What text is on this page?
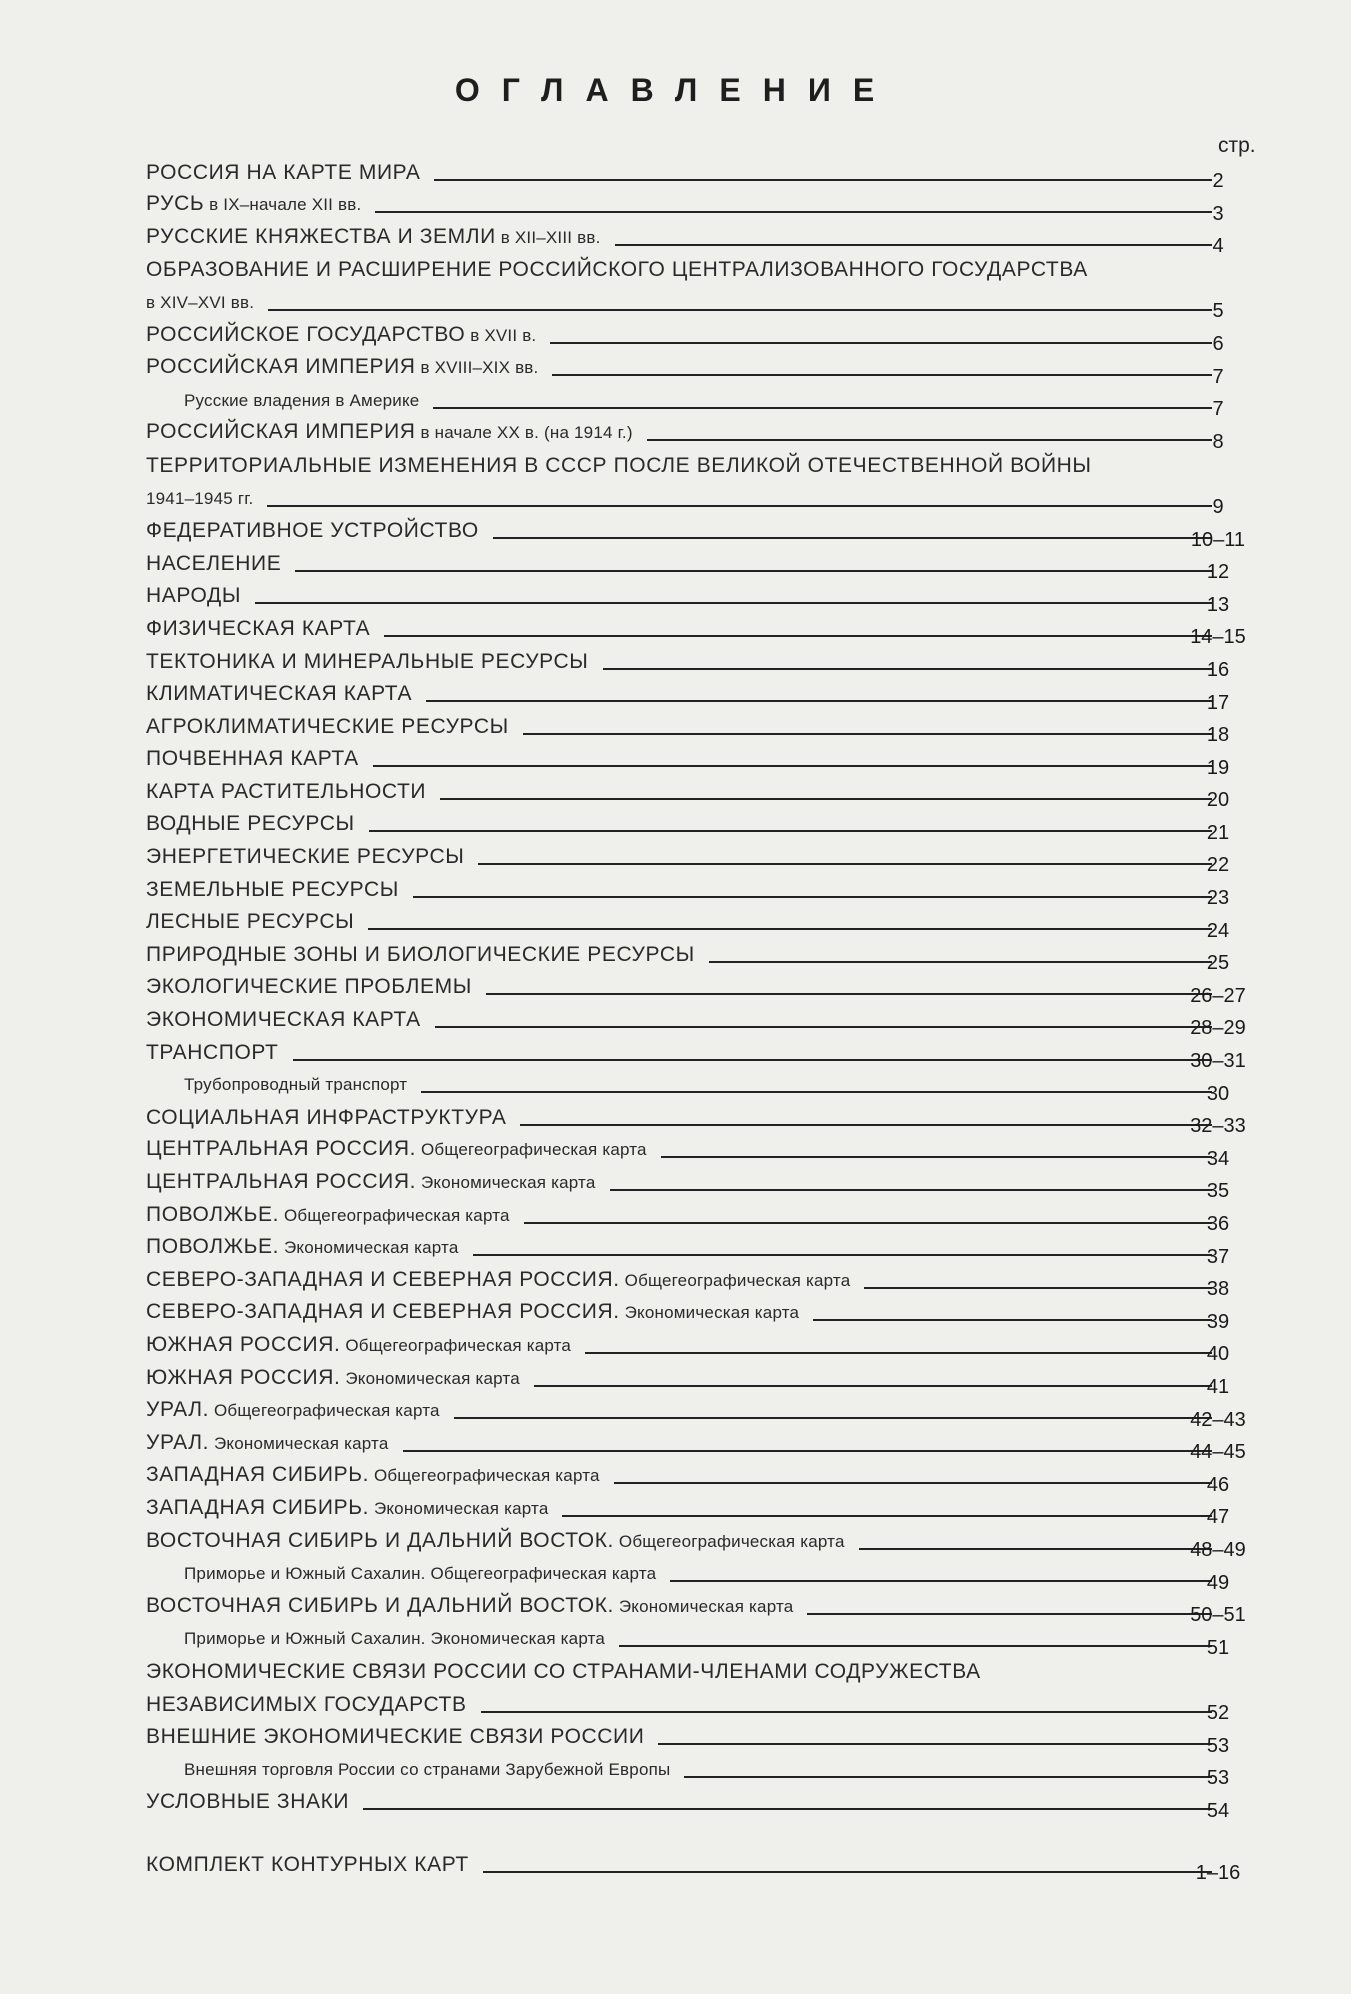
ОГЛАВЛЕНИЕ
стр.
РОССИЯ НА КАРТЕ МИРА	2
РУСЬ в IX–начале XII вв.	3
РУССКИЕ КНЯЖЕСТВА И ЗЕМЛИ в XII–XIII вв.	4
ОБРАЗОВАНИЕ И РАСШИРЕНИЕ РОССИЙСКОГО ЦЕНТРАЛИЗОВАННОГО ГОСУДАРСТВА
в XIV–XVI вв.	5
РОССИЙСКОЕ ГОСУДАРСТВО в XVII в.	6
РОССИЙСКАЯ ИМПЕРИЯ в XVIII–XIX вв.	7
Русские владения в Америке	7
РОССИЙСКАЯ ИМПЕРИЯ в начале XX в. (на 1914 г.)	8
ТЕРРИТОРИАЛЬНЫЕ ИЗМЕНЕНИЯ В СССР ПОСЛЕ ВЕЛИКОЙ ОТЕЧЕСТВЕННОЙ ВОЙНЫ
1941–1945 гг.	9
ФЕДЕРАТИВНОЕ УСТРОЙСТВО	10–11
НАСЕЛЕНИЕ	12
НАРОДЫ	13
ФИЗИЧЕСКАЯ КАРТА	14–15
ТЕКТОНИКА И МИНЕРАЛЬНЫЕ РЕСУРСЫ	16
КЛИМАТИЧЕСКАЯ КАРТА	17
АГРОКЛИМАТИЧЕСКИЕ РЕСУРСЫ	18
ПОЧВЕННАЯ КАРТА	19
КАРТА РАСТИТЕЛЬНОСТИ	20
ВОДНЫЕ РЕСУРСЫ	21
ЭНЕРГЕТИЧЕСКИЕ РЕСУРСЫ	22
ЗЕМЕЛЬНЫЕ РЕСУРСЫ	23
ЛЕСНЫЕ РЕСУРСЫ	24
ПРИРОДНЫЕ ЗОНЫ И БИОЛОГИЧЕСКИЕ РЕСУРСЫ	25
ЭКОЛОГИЧЕСКИЕ ПРОБЛЕМЫ	26–27
ЭКОНОМИЧЕСКАЯ КАРТА	28–29
ТРАНСПОРТ	30–31
Трубопроводный транспорт	30
СОЦИАЛЬНАЯ ИНФРАСТРУКТУРА	32–33
ЦЕНТРАЛЬНАЯ РОССИЯ. Общегеографическая карта	34
ЦЕНТРАЛЬНАЯ РОССИЯ. Экономическая карта	35
ПОВОЛЖЬЕ. Общегеографическая карта	36
ПОВОЛЖЬЕ. Экономическая карта	37
СЕВЕРО-ЗАПАДНАЯ И СЕВЕРНАЯ РОССИЯ. Общегеографическая карта	38
СЕВЕРО-ЗАПАДНАЯ И СЕВЕРНАЯ РОССИЯ. Экономическая карта	39
ЮЖНАЯ РОССИЯ. Общегеографическая карта	40
ЮЖНАЯ РОССИЯ. Экономическая карта	41
УРАЛ. Общегеографическая карта	42–43
УРАЛ. Экономическая карта	44–45
ЗАПАДНАЯ СИБИРЬ. Общегеографическая карта	46
ЗАПАДНАЯ СИБИРЬ. Экономическая карта	47
ВОСТОЧНАЯ СИБИРЬ И ДАЛЬНИЙ ВОСТОК. Общегеографическая карта	48–49
Приморье и Южный Сахалин. Общегеографическая карта	49
ВОСТОЧНАЯ СИБИРЬ И ДАЛЬНИЙ ВОСТОК. Экономическая карта	50–51
Приморье и Южный Сахалин. Экономическая карта	51
ЭКОНОМИЧЕСКИЕ СВЯЗИ РОССИИ СО СТРАНАМИ-ЧЛЕНАМИ СОДРУЖЕСТВА
НЕЗАВИСИМЫХ ГОСУДАРСТВ	52
ВНЕШНИЕ ЭКОНОМИЧЕСКИЕ СВЯЗИ РОССИИ	53
Внешняя торговля России со странами Зарубежной Европы	53
УСЛОВНЫЕ ЗНАКИ	54
КОМПЛЕКТ КОНТУРНЫХ КАРТ	1–16
